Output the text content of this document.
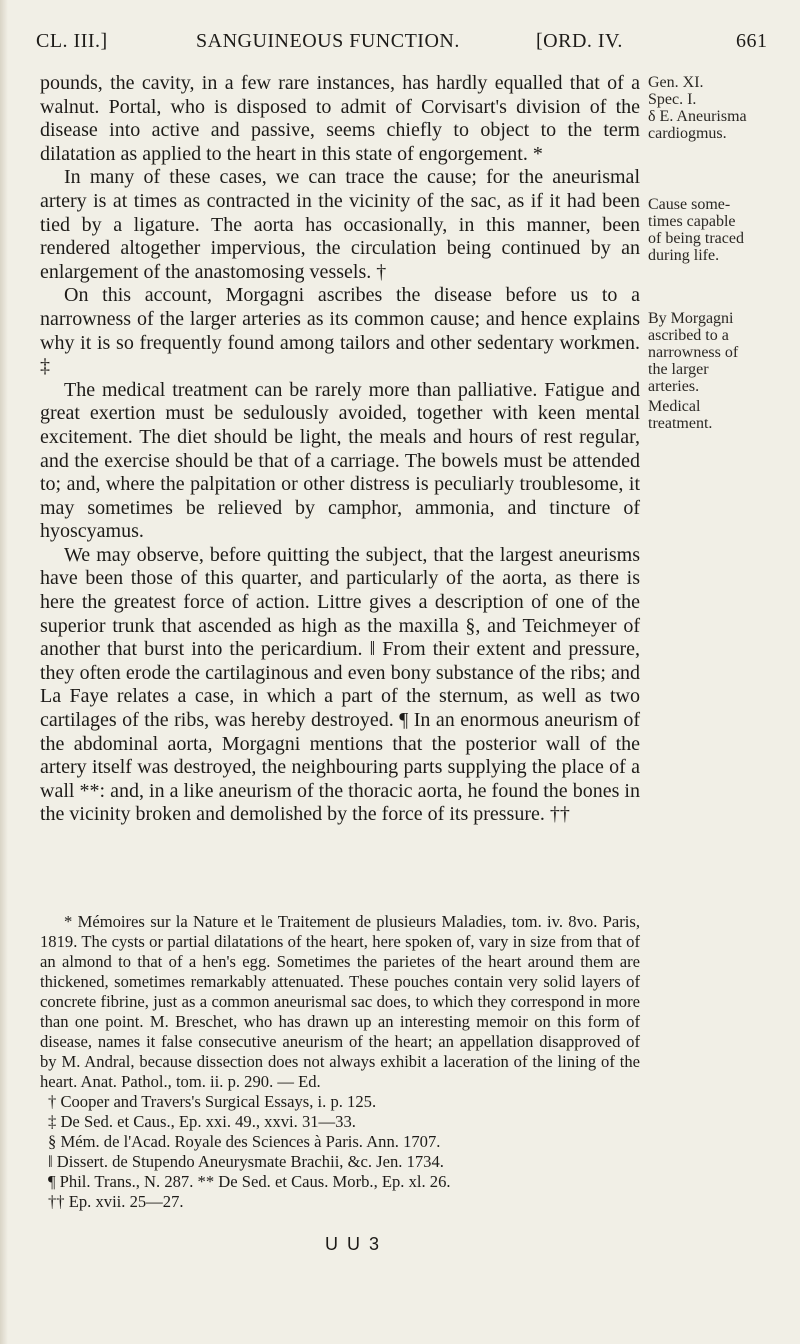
CL. III.]	SANGUINEOUS FUNCTION.	[ORD. IV.	661

pounds, the cavity, in a few rare instances, has hardly equalled that of a walnut. Portal, who is disposed to admit of Corvisart's division of the disease into active and passive, seems chiefly to object to the term dilatation as applied to the heart in this state of engorgement. *

In many of these cases, we can trace the cause; for the aneurismal artery is at times as contracted in the vicinity of the sac, as if it had been tied by a ligature. The aorta has occasionally, in this manner, been rendered altogether impervious, the circulation being continued by an enlargement of the anastomosing vessels. †

On this account, Morgagni ascribes the disease before us to a narrowness of the larger arteries as its common cause; and hence explains why it is so frequently found among tailors and other sedentary workmen. ‡

The medical treatment can be rarely more than palliative. Fatigue and great exertion must be sedulously avoided, together with keen mental excitement. The diet should be light, the meals and hours of rest regular, and the exercise should be that of a carriage. The bowels must be attended to; and, where the palpitation or other distress is peculiarly troublesome, it may sometimes be relieved by camphor, ammonia, and tincture of hyoscyamus.

We may observe, before quitting the subject, that the largest aneurisms have been those of this quarter, and particularly of the aorta, as there is here the greatest force of action. Littre gives a description of one of the superior trunk that ascended as high as the maxilla §, and Teichmeyer of another that burst into the pericardium. ‖ From their extent and pressure, they often erode the cartilaginous and even bony substance of the ribs; and La Faye relates a case, in which a part of the sternum, as well as two cartilages of the ribs, was hereby destroyed. ¶ In an enormous aneurism of the abdominal aorta, Morgagni mentions that the posterior wall of the artery itself was destroyed, the neighbouring parts supplying the place of a wall **: and, in a like aneurism of the thoracic aorta, he found the bones in the vicinity broken and demolished by the force of its pressure. ††

Gen. XI.
Spec. I.
δ E. Aneurisma
cardiogmus.
Cause some-
times capable
of being traced
during life.
By Morgagni
ascribed to a
narrowness of
the larger
arteries.
Medical
treatment.

* Mémoires sur la Nature et le Traitement de plusieurs Maladies, tom. iv. 8vo. Paris, 1819. The cysts or partial dilatations of the heart, here spoken of, vary in size from that of an almond to that of a hen's egg. Sometimes the parietes of the heart around them are thickened, sometimes remarkably attenuated. These pouches contain very solid layers of concrete fibrine, just as a common aneurismal sac does, to which they correspond in more than one point. M. Breschet, who has drawn up an interesting memoir on this form of disease, names it false consecutive aneurism of the heart; an appellation disapproved of by M. Andral, because dissection does not always exhibit a laceration of the lining of the heart. Anat. Pathol., tom. ii. p. 290. — Ed.

† Cooper and Travers's Surgical Essays, i. p. 125.

‡ De Sed. et Caus., Ep. xxi. 49., xxvi. 31—33.

§ Mém. de l'Acad. Royale des Sciences à Paris. Ann. 1707.

‖ Dissert. de Stupendo Aneurysmate Brachii, &c. Jen. 1734.

¶ Phil. Trans., N. 287. ** De Sed. et Caus. Morb., Ep. xl. 26.

†† Ep. xvii. 25—27.

U U 3
